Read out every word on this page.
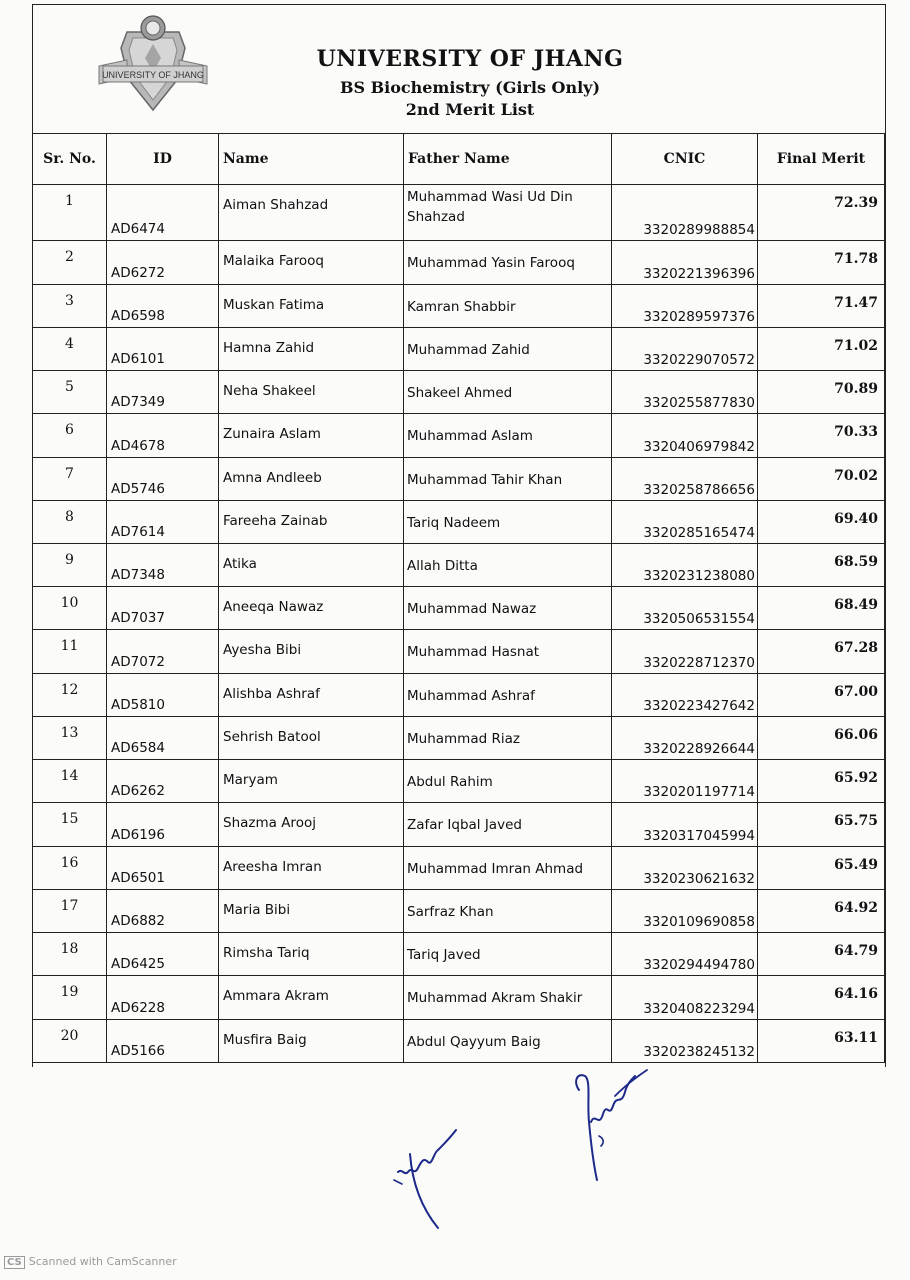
UNIVERSITY OF JHANG
UNIVERSITY OF JHANG
BS Biochemistry (Girls Only)
2nd Merit List
Sr. No.	ID	Name	Father Name	CNIC	Final Merit
1	AD6474	Aiman Shahzad	Muhammad Wasi Ud Din Shahzad	3320289988854	72.39
2	AD6272	Malaika Farooq	Muhammad Yasin Farooq	3320221396396	71.78
3	AD6598	Muskan Fatima	Kamran Shabbir	3320289597376	71.47
4	AD6101	Hamna Zahid	Muhammad Zahid	3320229070572	71.02
5	AD7349	Neha Shakeel	Shakeel Ahmed	3320255877830	70.89
6	AD4678	Zunaira Aslam	Muhammad Aslam	3320406979842	70.33
7	AD5746	Amna Andleeb	Muhammad Tahir Khan	3320258786656	70.02
8	AD7614	Fareeha Zainab	Tariq Nadeem	3320285165474	69.40
9	AD7348	Atika	Allah Ditta	3320231238080	68.59
10	AD7037	Aneeqa Nawaz	Muhammad Nawaz	3320506531554	68.49
11	AD7072	Ayesha Bibi	Muhammad Hasnat	3320228712370	67.28
12	AD5810	Alishba Ashraf	Muhammad Ashraf	3320223427642	67.00
13	AD6584	Sehrish Batool	Muhammad Riaz	3320228926644	66.06
14	AD6262	Maryam	Abdul Rahim	3320201197714	65.92
15	AD6196	Shazma Arooj	Zafar Iqbal Javed	3320317045994	65.75
16	AD6501	Areesha Imran	Muhammad Imran Ahmad	3320230621632	65.49
17	AD6882	Maria Bibi	Sarfraz Khan	3320109690858	64.92
18	AD6425	Rimsha Tariq	Tariq Javed	3320294494780	64.79
19	AD6228	Ammara Akram	Muhammad Akram Shakir	3320408223294	64.16
20	AD5166	Musfira Baig	Abdul Qayyum Baig	3320238245132	63.11
CS Scanned with CamScanner
